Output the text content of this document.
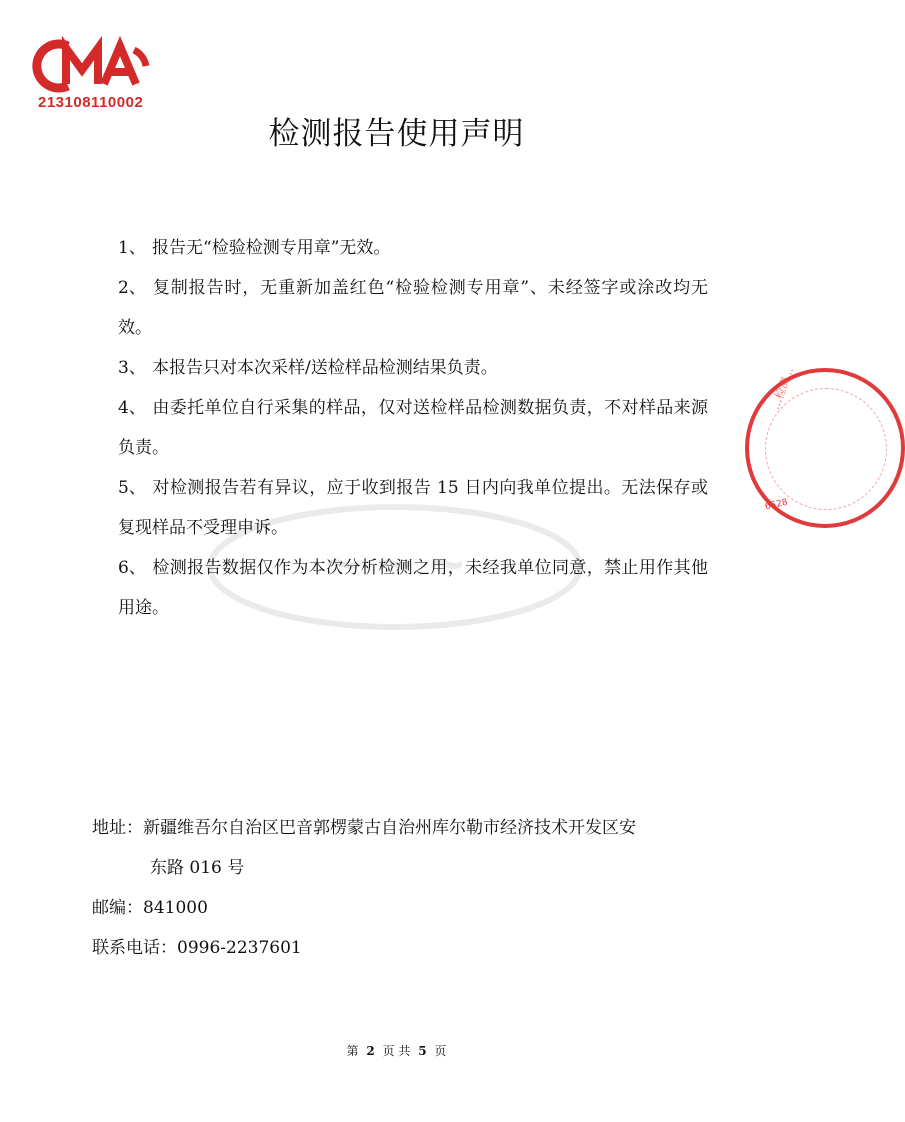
213108110002
检测报告使用声明
~ ~ ~

1、 报告无“检验检测专用章”无效。

2、 复制报告时，无重新加盖红色“检验检测专用章”、未经签字或涂改均无效。

3、 本报告只对本次采样/送检样品检测结果负责。

4、 由委托单位自行采集的样品，仅对送检样品检测数据负责，不对样品来源负责。

5、 对检测报告若有异议，应于收到报告 15 日内向我单位提出。无法保存或复现样品不受理申诉。

6、 检测报告数据仅作为本次分析检测之用，未经我单位同意，禁止用作其他用途。

…检测…
6528
地址： 新疆维吾尔自治区巴音郭楞蒙古自治州库尔勒市经济技术开发区安
东路 016 号
邮编： 841000
联系电话： 0996-2237601
第 2 页 共 5 页
